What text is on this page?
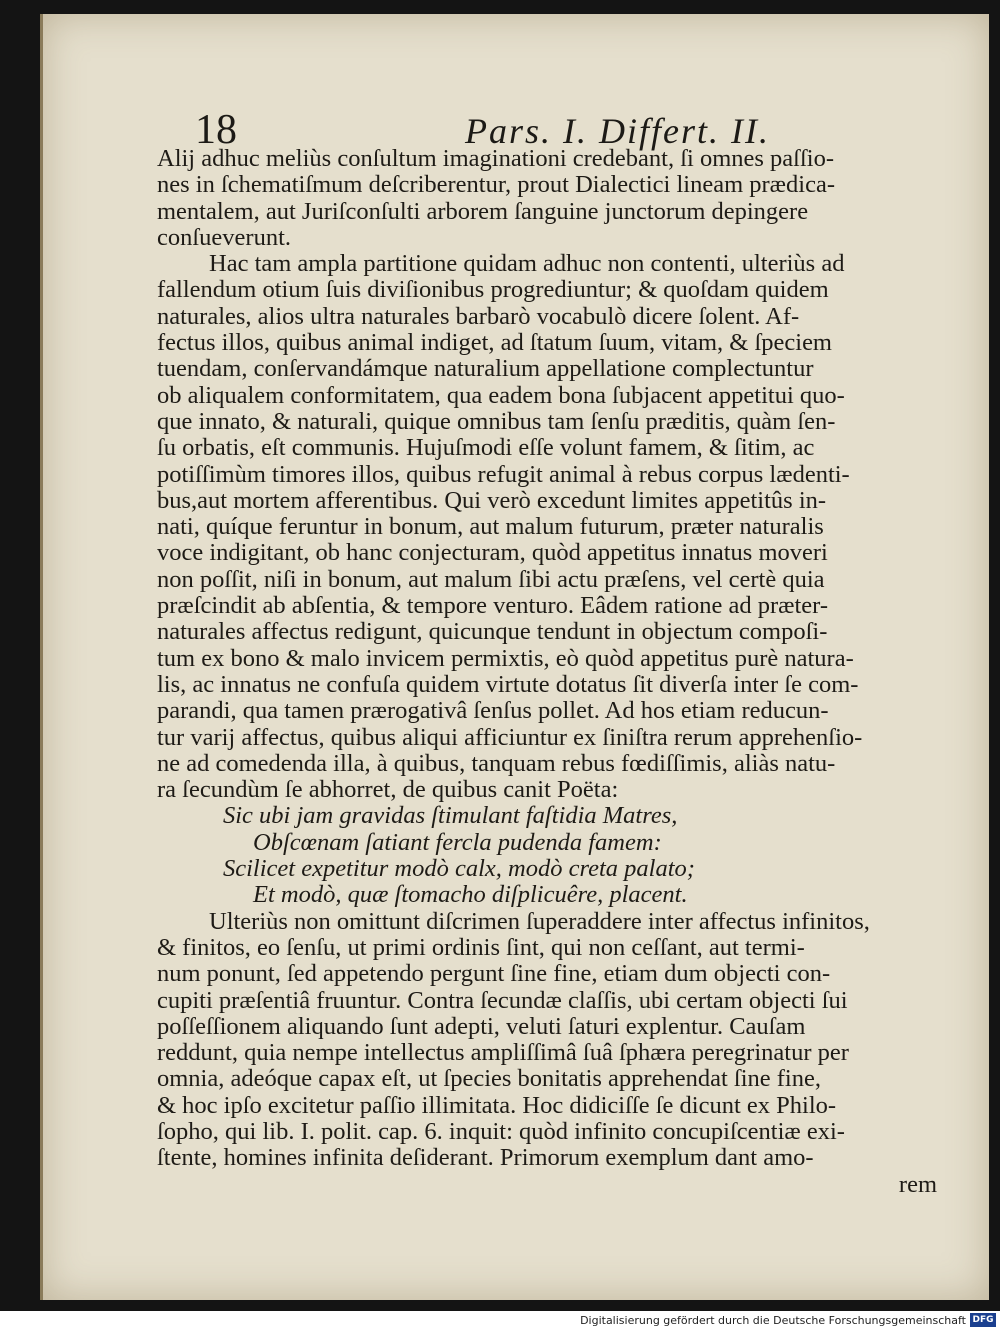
18	Pars. I. Differt. II.
Alij adhuc meliùs conſultum imaginationi credebant, ſi omnes paſſio-
nes in ſchematiſmum deſcriberentur, prout Dialectici lineam prædica-
mentalem, aut Juriſconſulti arborem ſanguine junctorum depingere
conſueverunt.
Hac tam ampla partitione quidam adhuc non contenti, ulteriùs ad
fallendum otium ſuis diviſionibus progrediuntur; & quoſdam quidem
naturales, alios ultra naturales barbarò vocabulò dicere ſolent. Af-
fectus illos, quibus animal indiget, ad ſtatum ſuum, vitam, & ſpeciem
tuendam, conſervandámque naturalium appellatione complectuntur
ob aliqualem conformitatem, qua eadem bona ſubjacent appetitui quo-
que innato, & naturali, quique omnibus tam ſenſu præditis, quàm ſen-
ſu orbatis, eſt communis. Hujuſmodi eſſe volunt famem, & ſitim, ac
potiſſimùm timores illos, quibus refugit animal à rebus corpus lædenti-
bus,aut mortem afferentibus. Qui verò excedunt limites appetitûs in-
nati, quíque feruntur in bonum, aut malum futurum, præter naturalis
voce indigitant, ob hanc conjecturam, quòd appetitus innatus moveri
non poſſit, niſi in bonum, aut malum ſibi actu præſens, vel certè quia
præſcindit ab abſentia, & tempore venturo. Eâdem ratione ad præter-
naturales affectus redigunt, quicunque tendunt in objectum compoſi-
tum ex bono & malo invicem permixtis, eò quòd appetitus purè natura-
lis, ac innatus ne confuſa quidem virtute dotatus ſit diverſa inter ſe com-
parandi, qua tamen prærogativâ ſenſus pollet. Ad hos etiam reducun-
tur varij affectus, quibus aliqui afficiuntur ex ſiniſtra rerum apprehenſio-
ne ad comedenda illa, à quibus, tanquam rebus fœdiſſimis, aliàs natu-
ra ſecundùm ſe abhorret, de quibus canit Poëta:
Sic ubi jam gravidas ſtimulant faſtidia Matres,
Obſcœnam ſatiant fercla pudenda famem:
Scilicet expetitur modò calx, modò creta palato;
Et modò, quæ ſtomacho diſplicuêre, placent.
Ulteriùs non omittunt diſcrimen ſuperaddere inter affectus infinitos,
& finitos, eo ſenſu, ut primi ordinis ſint, qui non ceſſant, aut termi-
num ponunt, ſed appetendo pergunt ſine fine, etiam dum objecti con-
cupiti præſentiâ fruuntur. Contra ſecundæ claſſis, ubi certam objecti ſui
poſſeſſionem aliquando ſunt adepti, veluti ſaturi explentur. Cauſam
reddunt, quia nempe intellectus ampliſſimâ ſuâ ſphæra peregrinatur per
omnia, adeóque capax eſt, ut ſpecies bonitatis apprehendat ſine fine,
& hoc ipſo excitetur paſſio illimitata. Hoc didiciſſe ſe dicunt ex Philo-
ſopho, qui lib. I. polit. cap. 6. inquit: quòd infinito concupiſcentiæ exi-
ſtente, homines infinita deſiderant. Primorum exemplum dant amo-
rem
Digitalisierung gefördert durch die Deutsche Forschungsgemeinschaft DFG
